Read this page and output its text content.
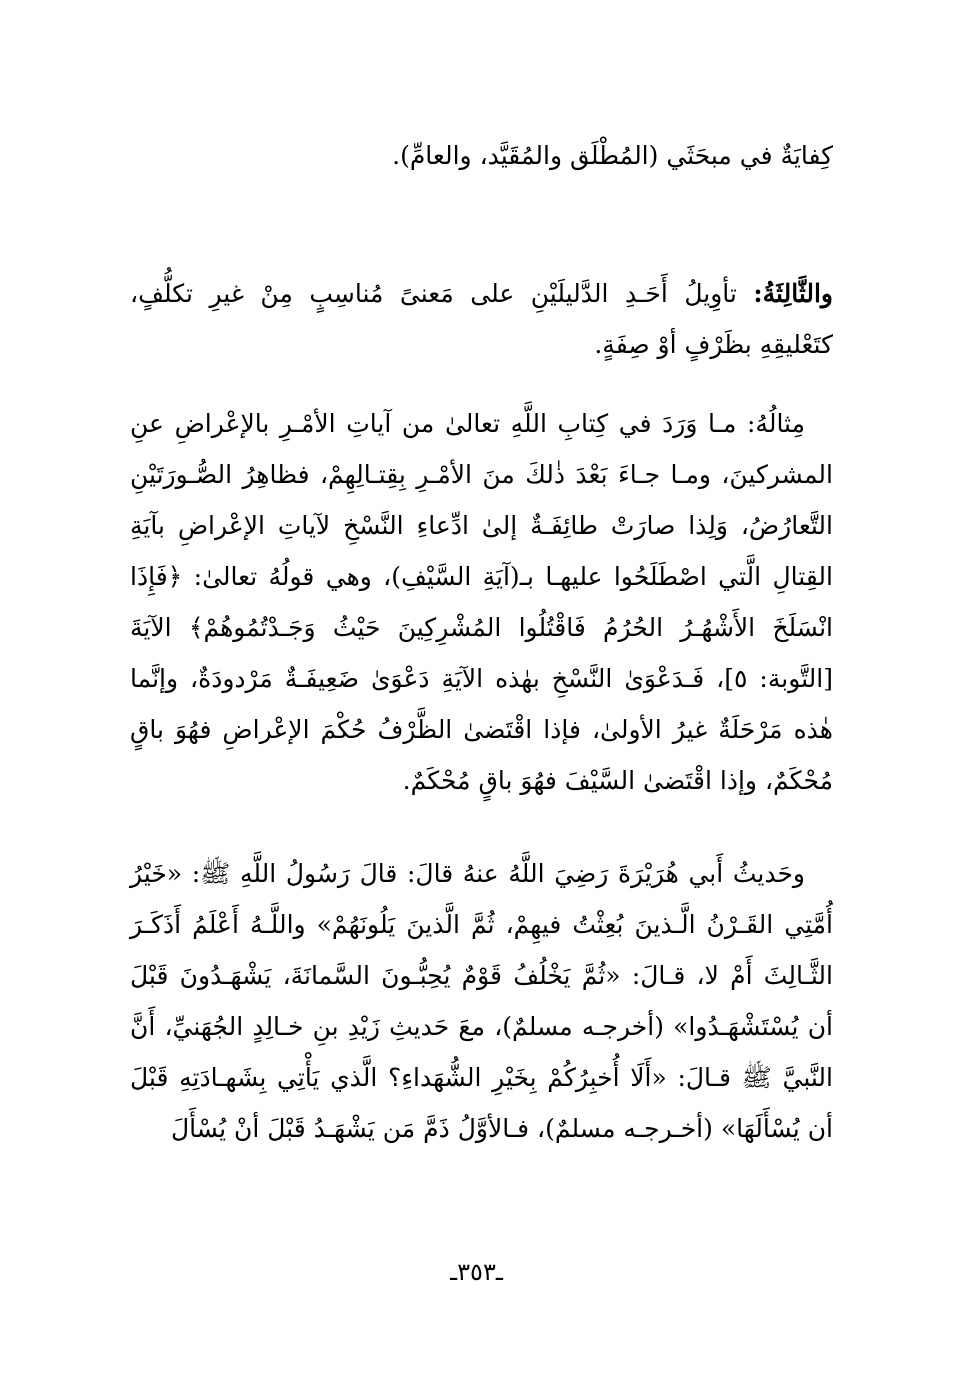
كِفايَةٌ في مبحَثَي (المُطْلَق والمُقَيَّد، والعامِّ).

والثَّالِثَةُ: تأوِيلُ أَحَـدِ الدَّليلَيْنِ على مَعنىً مُناسِبٍ مِنْ غيرِ تكلُّفٍ، كتَعْليقِهِ بظَرْفٍ أوْ صِفَةٍ.

مِثالُهُ: مـا وَرَدَ في كِتابِ اللَّهِ تعالىٰ من آياتِ الأمْـرِ بالإعْراضِ عنِ المشركينَ، ومـا جـاءَ بَعْدَ ذٰلكَ منَ الأمْـرِ بِقِتـالِهِمْ، فظاهِرُ الصُّـورَتَيْنِ التَّعارُضُ، وَلِذا صارَتْ طائِفَـةٌ إلىٰ ادِّعاءِ النَّسْخِ لآياتِ الإعْراضِ بآيَةِ القِتالِ الَّتي اصْطَلَحُوا عليهـا بـ(آيَةِ السَّيْفِ)، وهي قولُهُ تعالىٰ: ﴿فَإِذَا انْسَلَخَ الأَشْهُـرُ الحُرُمُ فَاقْتُلُوا المُشْرِكِينَ حَيْثُ وَجَـدْتُمُوهُمْ﴾ الآيَةَ [التَّوبة: ٥]، فَـدَعْوَىٰ النَّسْخِ بهٰذه الآيَةِ دَعْوَىٰ ضَعِيفَـةٌ مَرْدودَةٌ، وإنَّما هٰذه مَرْحَلَةٌ غيرُ الأولىٰ، فإذا اقْتَضىٰ الظَّرْفُ حُكْمَ الإعْراضِ فهُوَ باقٍ مُحْكَمٌ، وإذا اقْتَضىٰ السَّيْفَ فهُوَ باقٍ مُحْكَمٌ.

وحَديثُ أَبي هُرَيْرَةَ رَضِيَ اللَّهُ عنهُ قالَ: قالَ رَسُولُ اللَّهِ ﷺ: «خَيْرُ أُمَّتِي القَـرْنُ الَّـذينَ بُعِثْتُ فيهِمْ، ثُمَّ الَّذينَ يَلُونَهُمْ» واللَّـهُ أَعْلَمُ أَذَكَـرَ الثَّـالِثَ أَمْ لا، قـالَ: «ثُمَّ يَخْلُفُ قَوْمٌ يُحِبُّـونَ السَّمانَةَ، يَشْهَـدُونَ قَبْلَ أن يُسْتَشْهَـدُوا» (أخرجـه مسلمٌ)، معَ حَديثِ زَيْدِ بنِ خـالِدٍ الجُهَنيِّ، أَنَّ النَّبيَّ ﷺ قـالَ: «أَلَا أُخبِرُكُمْ بِخَيْرِ الشُّهَداءِ؟ الَّذي يَأْتِي بِشَهـادَتِهِ قَبْلَ أن يُسْأَلَهَا» (أخـرجـه مسلمٌ)، فـالأوَّلُ ذَمَّ مَن يَشْهَـدُ قَبْلَ أنْ يُسْأَلَ

ـ٣٥٣ـ
